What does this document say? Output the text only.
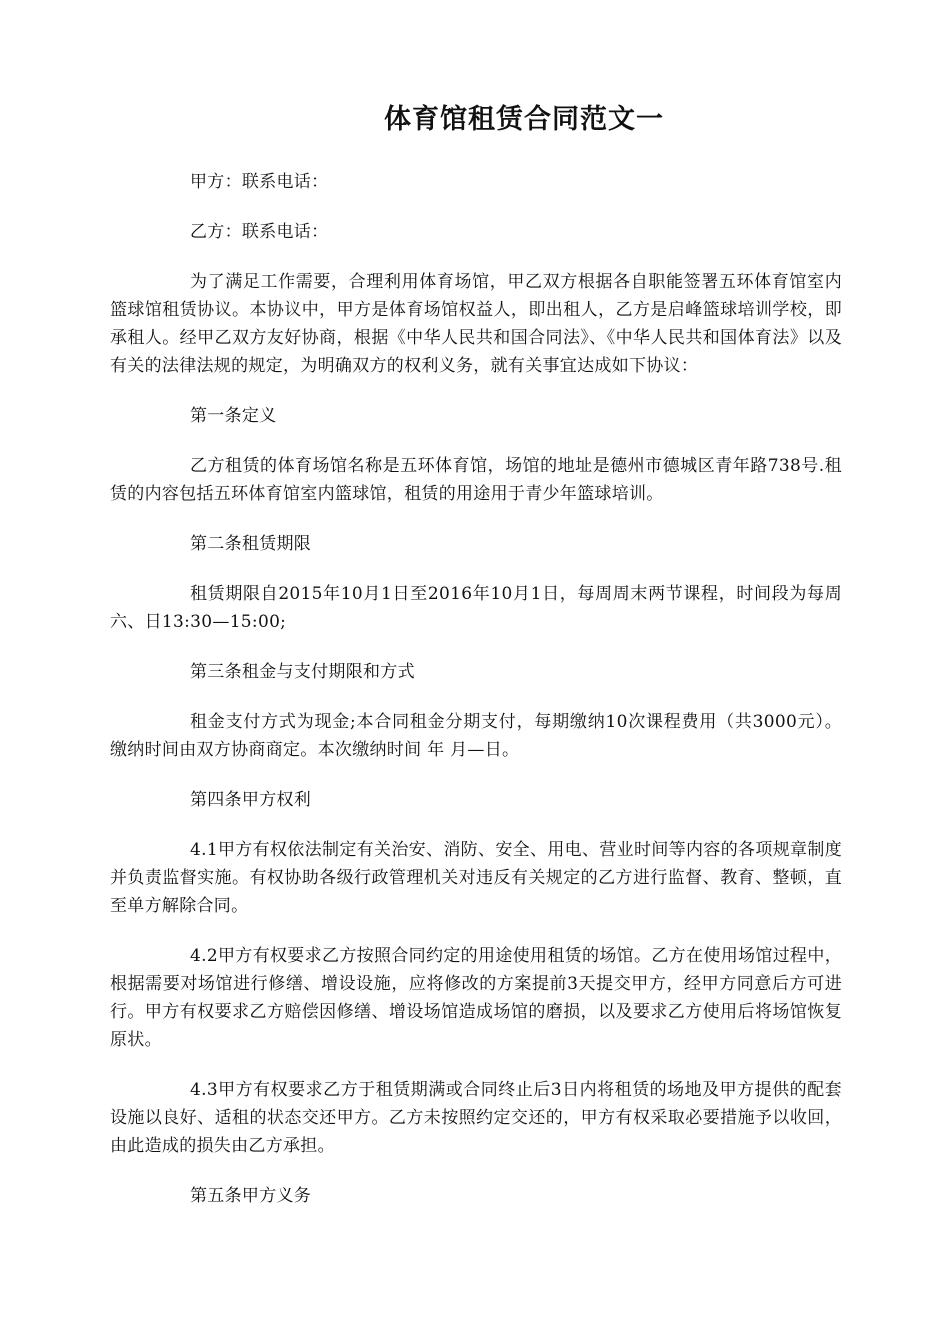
体育馆租赁合同范文一

甲方：联系电话：

乙方：联系电话：

为了满足工作需要，合理利用体育场馆，甲乙双方根据各自职能签署五环体育馆室内篮球馆租赁协议。本协议中，甲方是体育场馆权益人，即出租人，乙方是启峰篮球培训学校，即承租人。经甲乙双方友好协商，根据《中华人民共和国合同法》、《中华人民共和国体育法》以及有关的法律法规的规定，为明确双方的权利义务，就有关事宜达成如下协议：

第一条定义

乙方租赁的体育场馆名称是五环体育馆，场馆的地址是德州市德城区青年路738号.租赁的内容包括五环体育馆室内篮球馆，租赁的用途用于青少年篮球培训。

第二条租赁期限

租赁期限自2015年10月1日至2016年10月1日，每周周末两节课程，时间段为每周六、日13:30—15:00;

第三条租金与支付期限和方式

租金支付方式为现金;本合同租金分期支付，每期缴纳10次课程费用（共3000元）。缴纳时间由双方协商商定。本次缴纳时间 年 月—日。

第四条甲方权利

4.1甲方有权依法制定有关治安、消防、安全、用电、营业时间等内容的各项规章制度并负责监督实施。有权协助各级行政管理机关对违反有关规定的乙方进行监督、教育、整顿，直至单方解除合同。

4.2甲方有权要求乙方按照合同约定的用途使用租赁的场馆。乙方在使用场馆过程中，根据需要对场馆进行修缮、增设设施，应将修改的方案提前3天提交甲方，经甲方同意后方可进行。甲方有权要求乙方赔偿因修缮、增设场馆造成场馆的磨损，以及要求乙方使用后将场馆恢复原状。

4.3甲方有权要求乙方于租赁期满或合同终止后3日内将租赁的场地及甲方提供的配套设施以良好、适租的状态交还甲方。乙方未按照约定交还的，甲方有权采取必要措施予以收回，由此造成的损失由乙方承担。

第五条甲方义务
